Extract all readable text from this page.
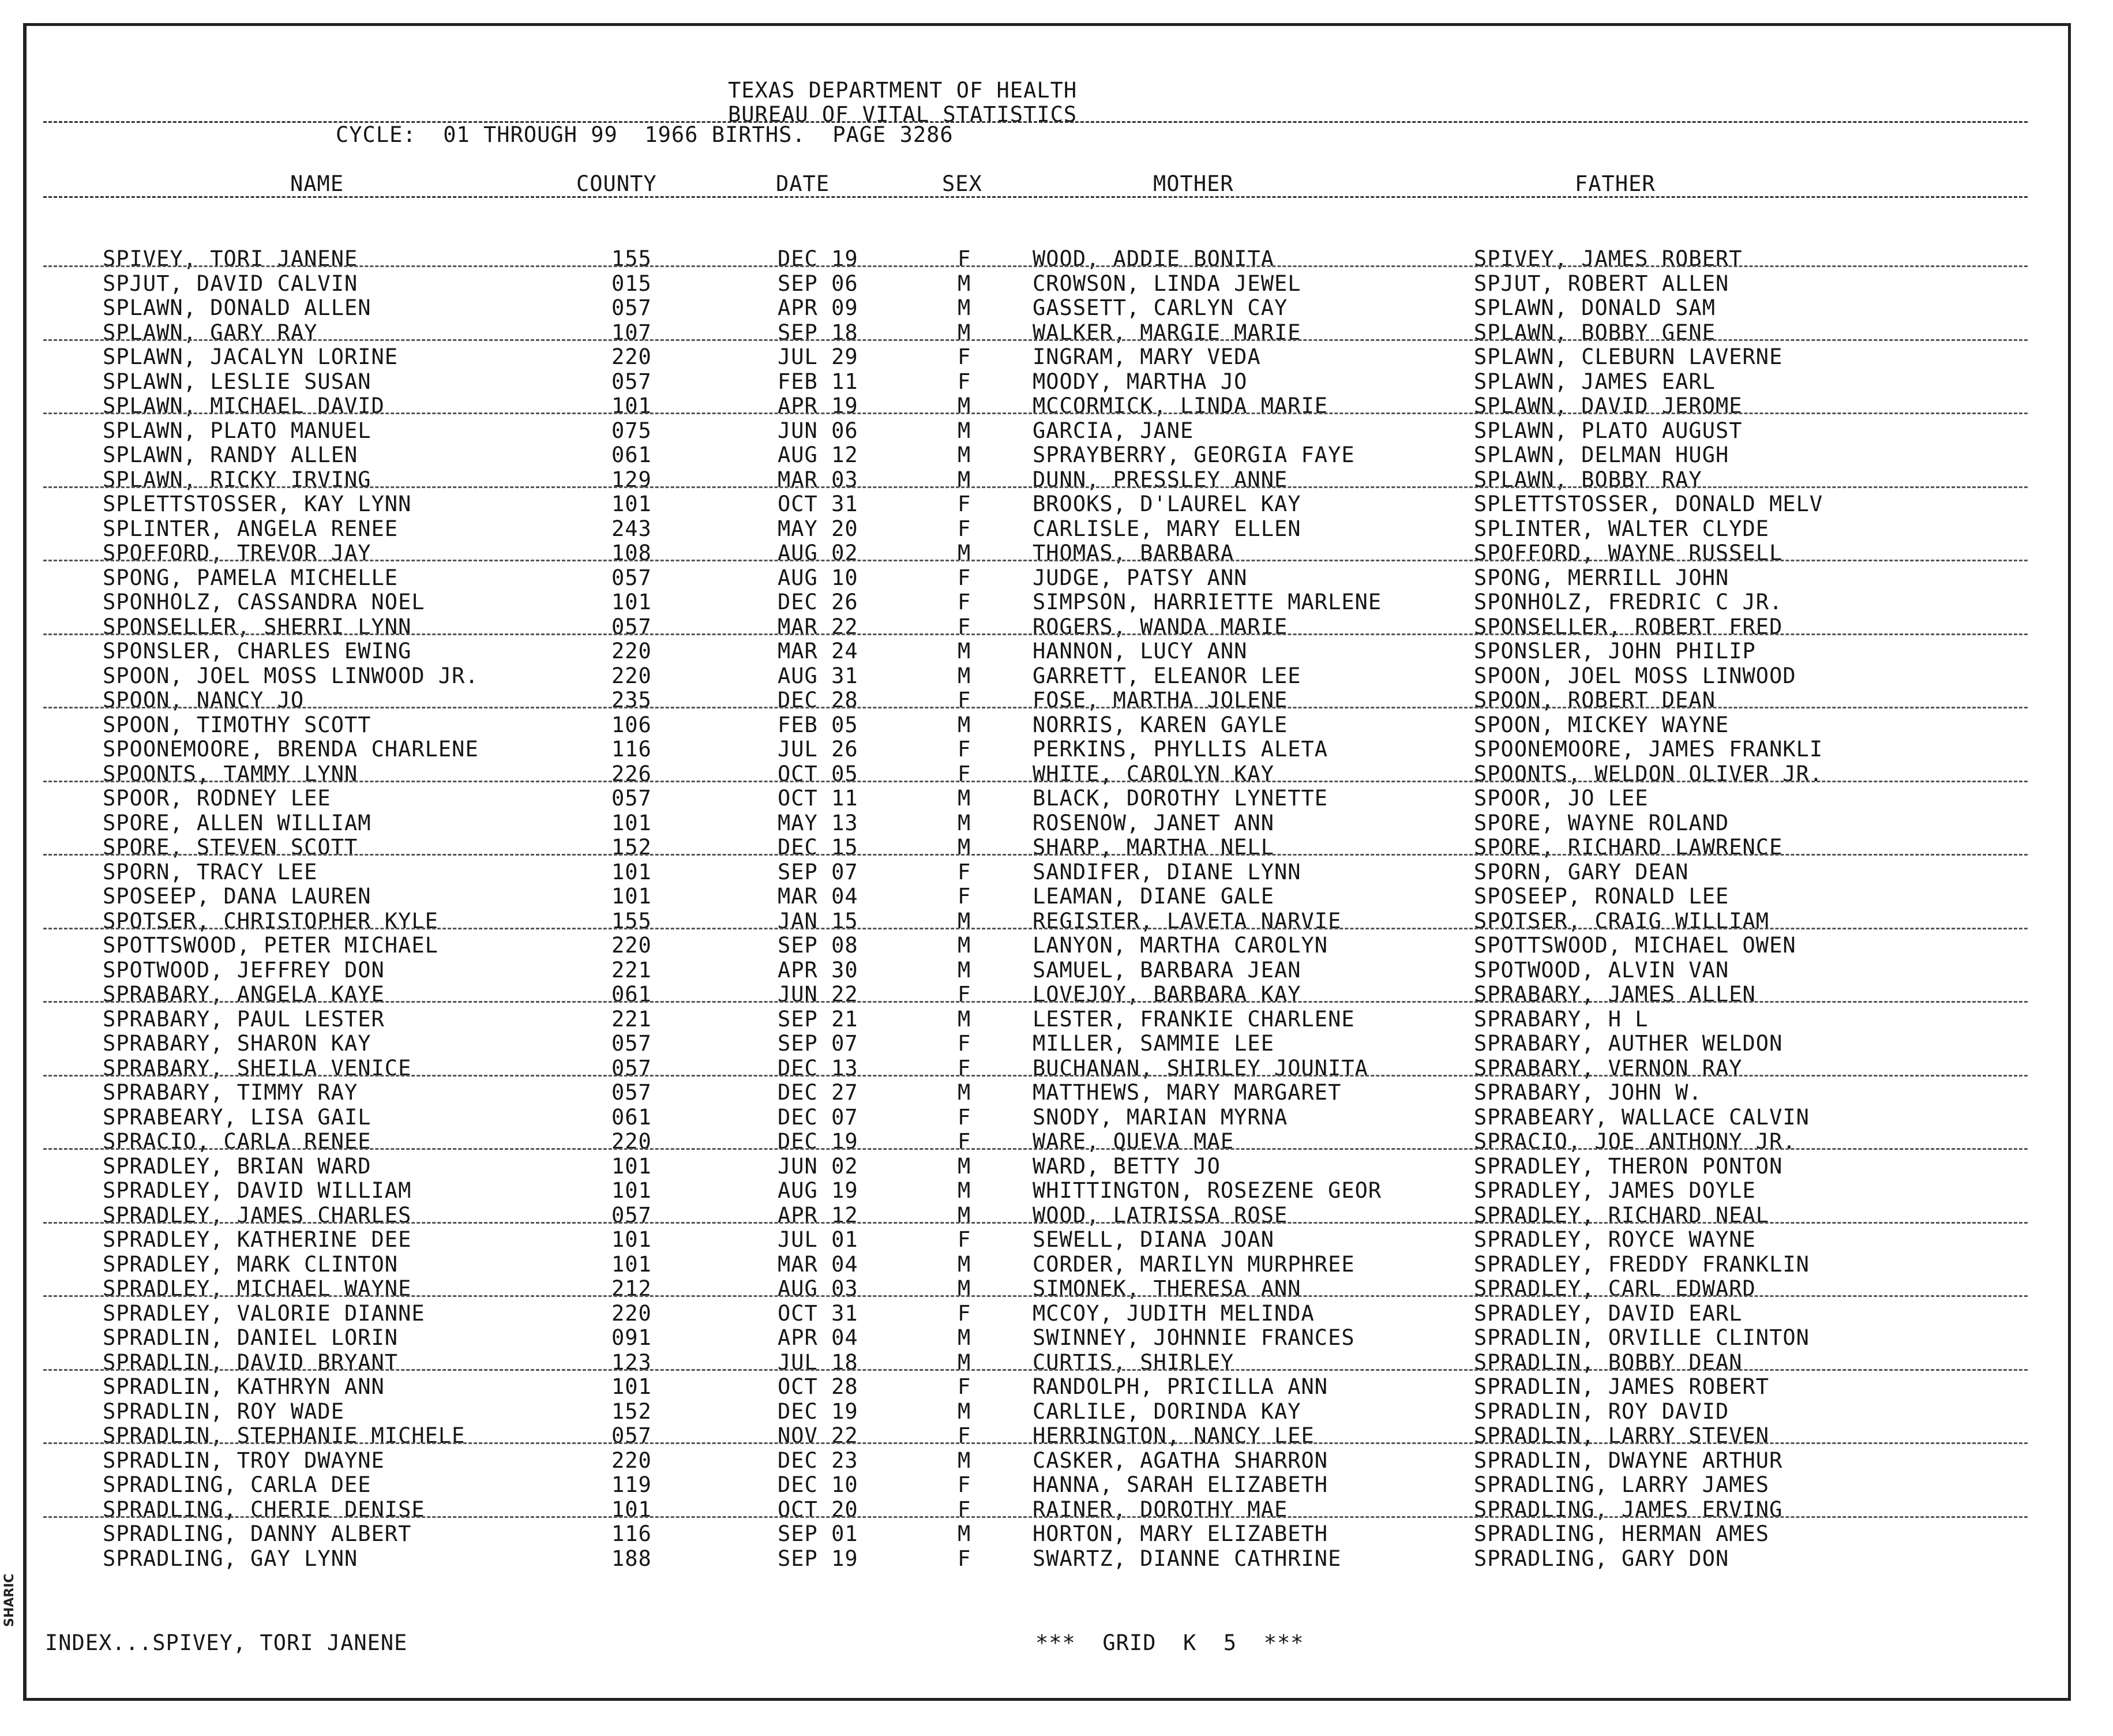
SHARIC
TEXAS DEPARTMENT OF HEALTH
BUREAU OF VITAL STATISTICS
CYCLE:  01 THROUGH 99  1966 BIRTHS.  PAGE 3286
NAME	COUNTY	DATE	SEX	MOTHER	FATHER
SPIVEY, TORI JANENE	155	DEC 19	F	WOOD, ADDIE BONITA	SPIVEY, JAMES ROBERT
SPJUT, DAVID CALVIN	015	SEP 06	M	CROWSON, LINDA JEWEL	SPJUT, ROBERT ALLEN
SPLAWN, DONALD ALLEN	057	APR 09	M	GASSETT, CARLYN CAY	SPLAWN, DONALD SAM
SPLAWN, GARY RAY	107	SEP 18	M	WALKER, MARGIE MARIE	SPLAWN, BOBBY GENE
SPLAWN, JACALYN LORINE	220	JUL 29	F	INGRAM, MARY VEDA	SPLAWN, CLEBURN LAVERNE
SPLAWN, LESLIE SUSAN	057	FEB 11	F	MOODY, MARTHA JO	SPLAWN, JAMES EARL
SPLAWN, MICHAEL DAVID	101	APR 19	M	MCCORMICK, LINDA MARIE	SPLAWN, DAVID JEROME
SPLAWN, PLATO MANUEL	075	JUN 06	M	GARCIA, JANE	SPLAWN, PLATO AUGUST
SPLAWN, RANDY ALLEN	061	AUG 12	M	SPRAYBERRY, GEORGIA FAYE	SPLAWN, DELMAN HUGH
SPLAWN, RICKY IRVING	129	MAR 03	M	DUNN, PRESSLEY ANNE	SPLAWN, BOBBY RAY
SPLETTSTOSSER, KAY LYNN	101	OCT 31	F	BROOKS, D'LAUREL KAY	SPLETTSTOSSER, DONALD MELV
SPLINTER, ANGELA RENEE	243	MAY 20	F	CARLISLE, MARY ELLEN	SPLINTER, WALTER CLYDE
SPOFFORD, TREVOR JAY	108	AUG 02	M	THOMAS, BARBARA	SPOFFORD, WAYNE RUSSELL
SPONG, PAMELA MICHELLE	057	AUG 10	F	JUDGE, PATSY ANN	SPONG, MERRILL JOHN
SPONHOLZ, CASSANDRA NOEL	101	DEC 26	F	SIMPSON, HARRIETTE MARLENE	SPONHOLZ, FREDRIC C JR.
SPONSELLER, SHERRI LYNN	057	MAR 22	F	ROGERS, WANDA MARIE	SPONSELLER, ROBERT FRED
SPONSLER, CHARLES EWING	220	MAR 24	M	HANNON, LUCY ANN	SPONSLER, JOHN PHILIP
SPOON, JOEL MOSS LINWOOD JR.	220	AUG 31	M	GARRETT, ELEANOR LEE	SPOON, JOEL MOSS LINWOOD
SPOON, NANCY JO	235	DEC 28	F	FOSE, MARTHA JOLENE	SPOON, ROBERT DEAN
SPOON, TIMOTHY SCOTT	106	FEB 05	M	NORRIS, KAREN GAYLE	SPOON, MICKEY WAYNE
SPOONEMOORE, BRENDA CHARLENE	116	JUL 26	F	PERKINS, PHYLLIS ALETA	SPOONEMOORE, JAMES FRANKLI
SPOONTS, TAMMY LYNN	226	OCT 05	F	WHITE, CAROLYN KAY	SPOONTS, WELDON OLIVER JR.
SPOOR, RODNEY LEE	057	OCT 11	M	BLACK, DOROTHY LYNETTE	SPOOR, JO LEE
SPORE, ALLEN WILLIAM	101	MAY 13	M	ROSENOW, JANET ANN	SPORE, WAYNE ROLAND
SPORE, STEVEN SCOTT	152	DEC 15	M	SHARP, MARTHA NELL	SPORE, RICHARD LAWRENCE
SPORN, TRACY LEE	101	SEP 07	F	SANDIFER, DIANE LYNN	SPORN, GARY DEAN
SPOSEEP, DANA LAUREN	101	MAR 04	F	LEAMAN, DIANE GALE	SPOSEEP, RONALD LEE
SPOTSER, CHRISTOPHER KYLE	155	JAN 15	M	REGISTER, LAVETA NARVIE	SPOTSER, CRAIG WILLIAM
SPOTTSWOOD, PETER MICHAEL	220	SEP 08	M	LANYON, MARTHA CAROLYN	SPOTTSWOOD, MICHAEL OWEN
SPOTWOOD, JEFFREY DON	221	APR 30	M	SAMUEL, BARBARA JEAN	SPOTWOOD, ALVIN VAN
SPRABARY, ANGELA KAYE	061	JUN 22	F	LOVEJOY, BARBARA KAY	SPRABARY, JAMES ALLEN
SPRABARY, PAUL LESTER	221	SEP 21	M	LESTER, FRANKIE CHARLENE	SPRABARY, H L
SPRABARY, SHARON KAY	057	SEP 07	F	MILLER, SAMMIE LEE	SPRABARY, AUTHER WELDON
SPRABARY, SHEILA VENICE	057	DEC 13	F	BUCHANAN, SHIRLEY JOUNITA	SPRABARY, VERNON RAY
SPRABARY, TIMMY RAY	057	DEC 27	M	MATTHEWS, MARY MARGARET	SPRABARY, JOHN W.
SPRABEARY, LISA GAIL	061	DEC 07	F	SNODY, MARIAN MYRNA	SPRABEARY, WALLACE CALVIN
SPRACIO, CARLA RENEE	220	DEC 19	F	WARE, QUEVA MAE	SPRACIO, JOE ANTHONY JR.
SPRADLEY, BRIAN WARD	101	JUN 02	M	WARD, BETTY JO	SPRADLEY, THERON PONTON
SPRADLEY, DAVID WILLIAM	101	AUG 19	M	WHITTINGTON, ROSEZENE GEOR	SPRADLEY, JAMES DOYLE
SPRADLEY, JAMES CHARLES	057	APR 12	M	WOOD, LATRISSA ROSE	SPRADLEY, RICHARD NEAL
SPRADLEY, KATHERINE DEE	101	JUL 01	F	SEWELL, DIANA JOAN	SPRADLEY, ROYCE WAYNE
SPRADLEY, MARK CLINTON	101	MAR 04	M	CORDER, MARILYN MURPHREE	SPRADLEY, FREDDY FRANKLIN
SPRADLEY, MICHAEL WAYNE	212	AUG 03	M	SIMONEK, THERESA ANN	SPRADLEY, CARL EDWARD
SPRADLEY, VALORIE DIANNE	220	OCT 31	F	MCCOY, JUDITH MELINDA	SPRADLEY, DAVID EARL
SPRADLIN, DANIEL LORIN	091	APR 04	M	SWINNEY, JOHNNIE FRANCES	SPRADLIN, ORVILLE CLINTON
SPRADLIN, DAVID BRYANT	123	JUL 18	M	CURTIS, SHIRLEY	SPRADLIN, BOBBY DEAN
SPRADLIN, KATHRYN ANN	101	OCT 28	F	RANDOLPH, PRICILLA ANN	SPRADLIN, JAMES ROBERT
SPRADLIN, ROY WADE	152	DEC 19	M	CARLILE, DORINDA KAY	SPRADLIN, ROY DAVID
SPRADLIN, STEPHANIE MICHELE	057	NOV 22	F	HERRINGTON, NANCY LEE	SPRADLIN, LARRY STEVEN
SPRADLIN, TROY DWAYNE	220	DEC 23	M	CASKER, AGATHA SHARRON	SPRADLIN, DWAYNE ARTHUR
SPRADLING, CARLA DEE	119	DEC 10	F	HANNA, SARAH ELIZABETH	SPRADLING, LARRY JAMES
SPRADLING, CHERIE DENISE	101	OCT 20	F	RAINER, DOROTHY MAE	SPRADLING, JAMES ERVING
SPRADLING, DANNY ALBERT	116	SEP 01	M	HORTON, MARY ELIZABETH	SPRADLING, HERMAN AMES
SPRADLING, GAY LYNN	188	SEP 19	F	SWARTZ, DIANNE CATHRINE	SPRADLING, GARY DON
INDEX...SPIVEY, TORI JANENE	***  GRID  K  5  ***
